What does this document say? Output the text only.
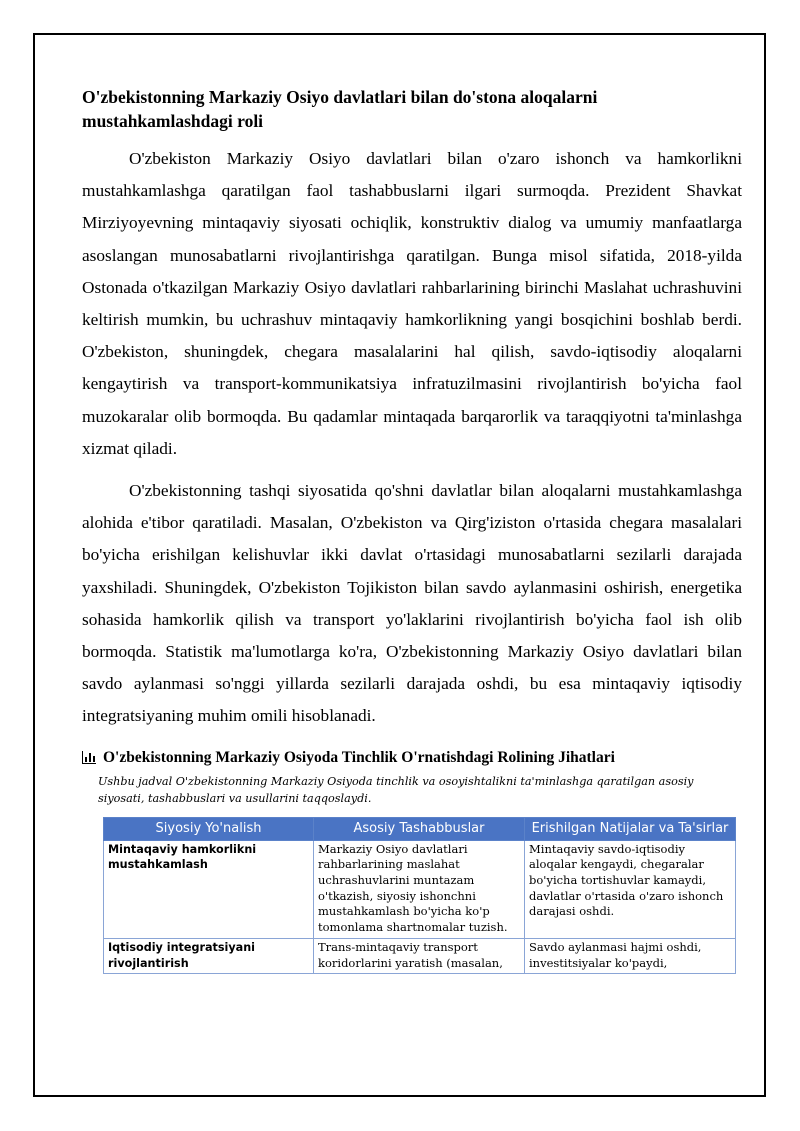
O'zbekistonning Markaziy Osiyo davlatlari bilan do'stona aloqalarni mustahkamlashdagi roli

O'zbekiston Markaziy Osiyo davlatlari bilan o'zaro ishonch va hamkorlikni mustahkamlashga qaratilgan faol tashabbuslarni ilgari surmoqda. Prezident Shavkat Mirziyoyevning mintaqaviy siyosati ochiqlik, konstruktiv dialog va umumiy manfaatlarga asoslangan munosabatlarni rivojlantirishga qaratilgan. Bunga misol sifatida, 2018-yilda Ostonada o'tkazilgan Markaziy Osiyo davlatlari rahbarlarining birinchi Maslahat uchrashuvini keltirish mumkin, bu uchrashuv mintaqaviy hamkorlikning yangi bosqichini boshlab berdi. O'zbekiston, shuningdek, chegara masalalarini hal qilish, savdo-iqtisodiy aloqalarni kengaytirish va transport-kommunikatsiya infratuzilmasini rivojlantirish bo'yicha faol muzokaralar olib bormoqda. Bu qadamlar mintaqada barqarorlik va taraqqiyotni ta'minlashga xizmat qiladi.

O'zbekistonning tashqi siyosatida qo'shni davlatlar bilan aloqalarni mustahkamlashga alohida e'tibor qaratiladi. Masalan, O'zbekiston va Qirg'iziston o'rtasida chegara masalalari bo'yicha erishilgan kelishuvlar ikki davlat o'rtasidagi munosabatlarni sezilarli darajada yaxshiladi. Shuningdek, O'zbekiston Tojikiston bilan savdo aylanmasini oshirish, energetika sohasida hamkorlik qilish va transport yo'laklarini rivojlantirish bo'yicha faol ish olib bormoqda. Statistik ma'lumotlarga ko'ra, O'zbekistonning Markaziy Osiyo davlatlari bilan savdo aylanmasi so'nggi yillarda sezilarli darajada oshdi, bu esa mintaqaviy iqtisodiy integratsiyaning muhim omili hisoblanadi.

O'zbekistonning Markaziy Osiyoda Tinchlik O'rnatishdagi Rolining Jihatlari

Ushbu jadval O'zbekistonning Markaziy Osiyoda tinchlik va osoyishtalikni ta'minlashga qaratilgan asosiy siyosati, tashabbuslari va usullarini taqqoslaydi.

Siyosiy Yo'nalish	Asosiy Tashabbuslar	Erishilgan Natijalar va Ta'sirlar
Mintaqaviy hamkorlikni mustahkamlash	Markaziy Osiyo davlatlari rahbarlarining maslahat uchrashuvlarini muntazam o'tkazish, siyosiy ishonchni mustahkamlash bo'yicha ko'p tomonlama shartnomalar tuzish.	Mintaqaviy savdo-iqtisodiy aloqalar kengaydi, chegaralar bo'yicha tortishuvlar kamaydi, davlatlar o'rtasida o'zaro ishonch darajasi oshdi.
Iqtisodiy integratsiyani rivojlantirish	Trans-mintaqaviy transport koridorlarini yaratish (masalan,	Savdo aylanmasi hajmi oshdi, investitsiyalar ko'paydi,
